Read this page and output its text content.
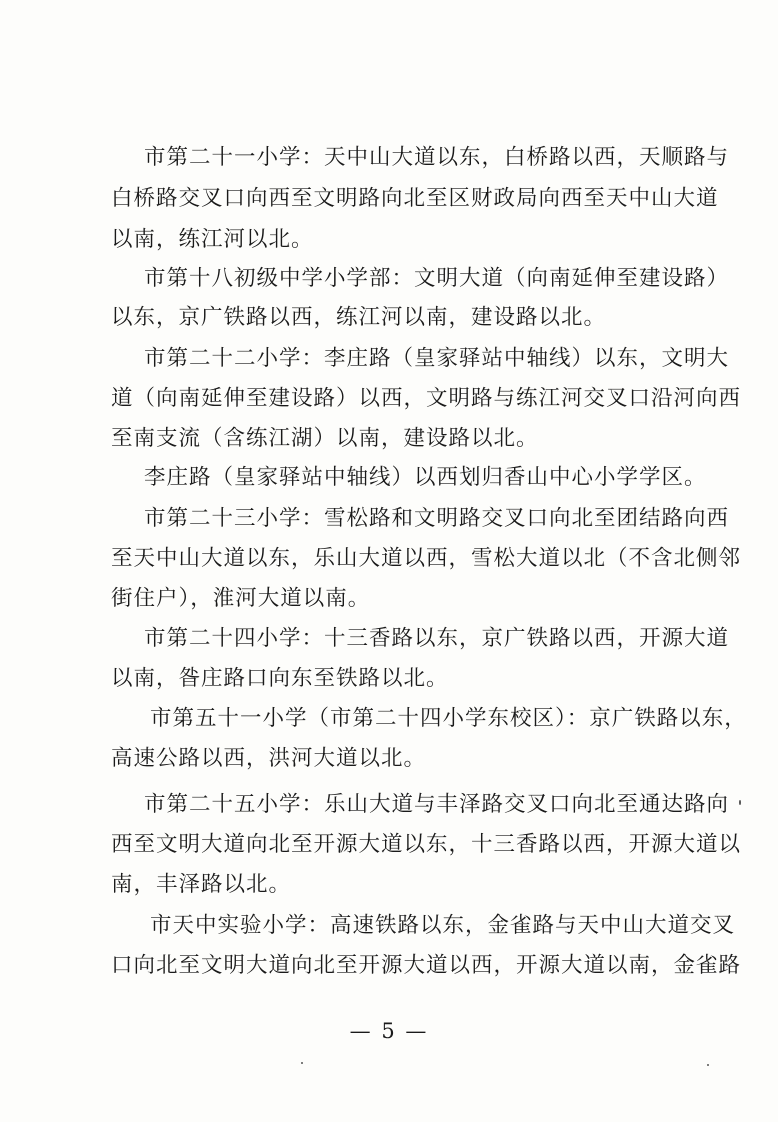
市第二十一小学：天中山大道以东，白桥路以西，天顺路与
白桥路交叉口向西至文明路向北至区财政局向西至天中山大道
以南，练江河以北。
市第十八初级中学小学部：文明大道（向南延伸至建设路）
以东，京广铁路以西，练江河以南，建设路以北。
市第二十二小学：李庄路（皇家驿站中轴线）以东，文明大
道（向南延伸至建设路）以西，文明路与练江河交叉口沿河向西
至南支流（含练江湖）以南，建设路以北。
李庄路（皇家驿站中轴线）以西划归香山中心小学学区。
市第二十三小学：雪松路和文明路交叉口向北至团结路向西
至天中山大道以东，乐山大道以西，雪松大道以北（不含北侧邻
街住户），淮河大道以南。
市第二十四小学：十三香路以东，京广铁路以西，开源大道
以南，昝庄路口向东至铁路以北。
市第五十一小学（市第二十四小学东校区）：京广铁路以东，
高速公路以西，洪河大道以北。
市第二十五小学：乐山大道与丰泽路交叉口向北至通达路向
西至文明大道向北至开源大道以东，十三香路以西，开源大道以
南，丰泽路以北。
市天中实验小学：高速铁路以东，金雀路与天中山大道交叉
口向北至文明大道向北至开源大道以西，开源大道以南，金雀路
— 5 —
